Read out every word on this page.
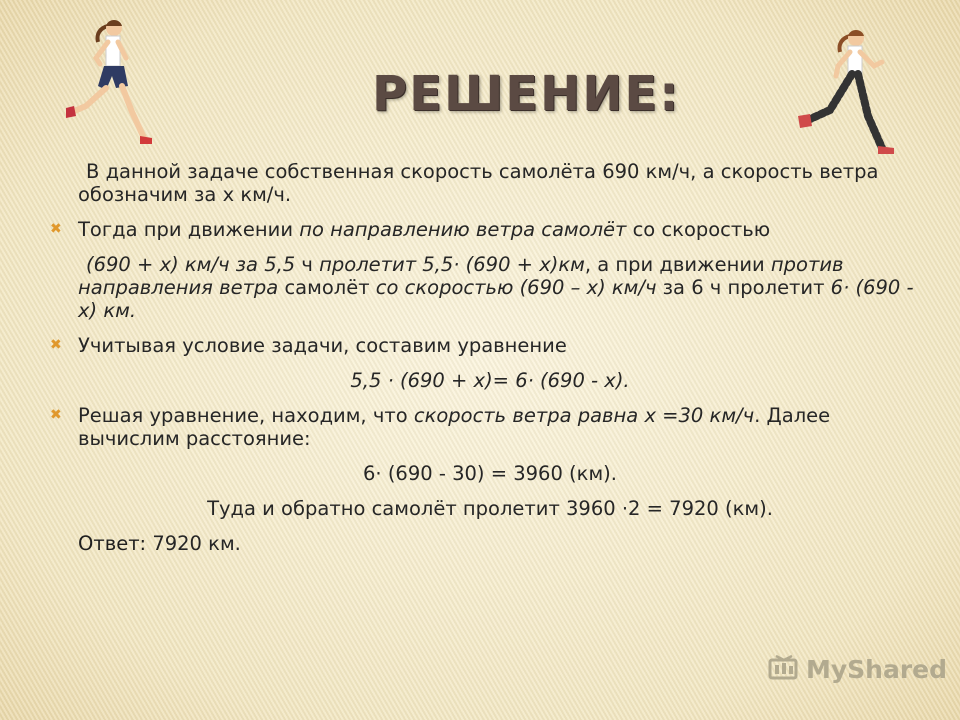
РЕШЕНИЕ:

В данной задаче собственная скорость самолёта 690 км/ч, а скорость ветра обозначим за х км/ч.

✖ Тогда при движении по направлению ветра самолёт со скоростью

(690 + х) км/ч за 5,5 ч пролетит 5,5· (690 + х)км, а при движении против направления ветра самолёт со скоростью (690 – х) км/ч за 6 ч пролетит 6· (690 - х) км.

✖ Учитывая условие задачи, составим уравнение

5,5 · (690 + х)= 6· (690 - х).

✖ Решая уравнение, находим, что скорость ветра равна х =30 км/ч. Далее вычислим расстояние:

6· (690 - 30) = 3960 (км).

Туда и обратно самолёт пролетит 3960 ·2 = 7920 (км).

Ответ: 7920 км.

MyShared
